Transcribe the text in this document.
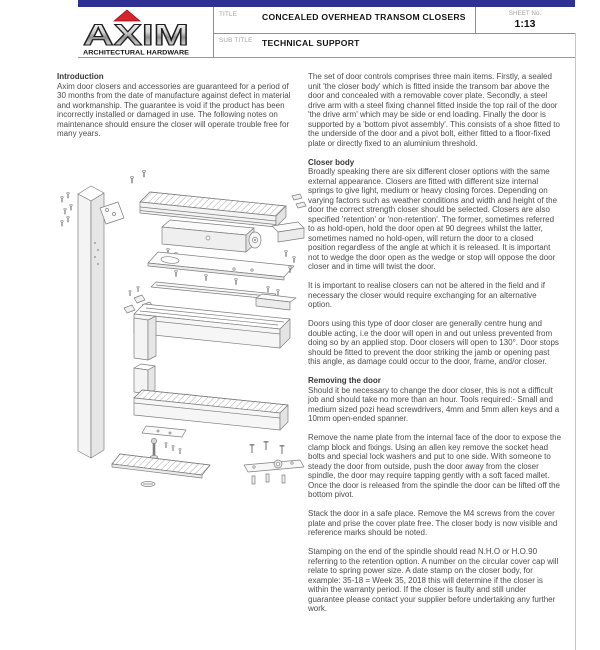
AXIM
ARCHITECTURAL HARDWARE
TITLE	CONCEALED OVERHEAD TRANSOM CLOSERS
SUB TITLE TECHNICAL SUPPORT
SHEET No.
1:13
Introduction

Axim door closers and accessories are guaranteed for a period of 30 months from the date of manufacture against defect in material and workmanship. The guarantee is void if the product has been incorrectly installed or damaged in use. The following notes on maintenance should ensure the closer will operate trouble free for many years.

The set of door controls comprises three main items. Firstly, a sealed unit 'the closer body' which is fitted inside the transom bar above the door and concealed with a removable cover plate. Secondly, a steel drive arm with a steel fixing channel fitted inside the top rail of the door 'the drive arm' which may be side or end loading. Finally the door is supported by a 'bottom pivot assembly'. This consists of a shoe fitted to the underside of the door and a pivot bolt, either fitted to a floor-fixed plate or directly fixed to an aluminium threshold.

Closer body

Broadly speaking there are six different closer options with the same external appearance. Closers are fitted with different size internal springs to give light, medium or heavy closing forces. Depending on varying factors such as weather conditions and width and height of the door the correct strength closer should be selected. Closers are also specified 'retention' or 'non-retention'. The former, sometimes referred to as hold-open, hold the door open at 90 degrees whilst the latter, sometimes named no hold-open, will return the door to a closed position regardless of the angle at which it is released. It is important not to wedge the door open as the wedge or stop will oppose the door closer and in time will twist the door.

It is important to realise closers can not be altered in the field and if necessary the closer would require exchanging for an alternative option.

Doors using this type of door closer are generally centre hung and double acting, i.e the door will open in and out unless prevented from doing so by an applied stop. Door closers will open to 130°. Door stops should be fitted to prevent the door striking the jamb or opening past this angle, as damage could occur to the door, frame, and/or closer.

Removing the door

Should it be necessary to change the door closer, this is not a difficult job and should take no more than an hour. Tools required:- Small and medium sized pozi head screwdrivers, 4mm and 5mm allen keys and a 10mm open-ended spanner.

Remove the name plate from the internal face of the door to expose the clamp block and fixings. Using an allen key remove the socket head bolts and special lock washers and put to one side. With someone to steady the door from outside, push the door away from the closer spindle, the door may require tapping gently with a soft faced mallet. Once the door is released from the spindle the door can be lifted off the bottom pivot.

Stack the door in a safe place. Remove the M4 screws from the cover plate and prise the cover plate free. The closer body is now visible and reference marks should be noted.

Stamping on the end of the spindle should read N.H.O or H.O.90 referring to the retention option. A number on the circular cover cap will relate to spring power size. A date stamp on the closer body, for example: 35-18 = Week 35, 2018 this will determine if the closer is within the warranty period. If the closer is faulty and still under guarantee please contact your supplier before undertaking any further work.
